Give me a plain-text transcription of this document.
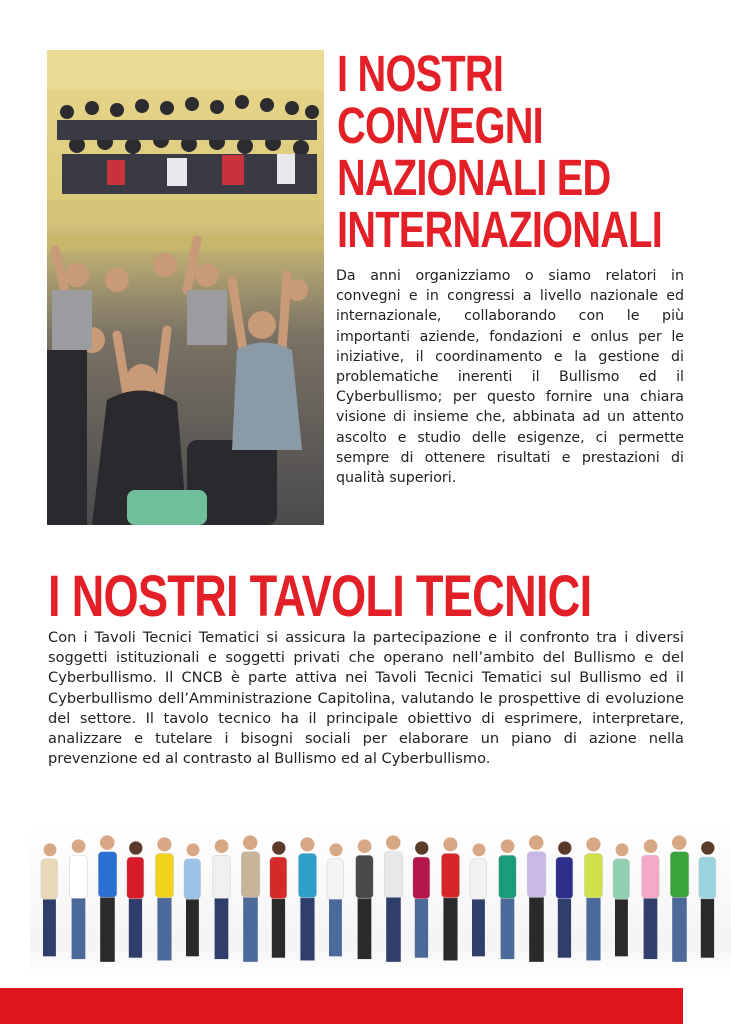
I NOSTRI
CONVEGNI
NAZIONALI ED
INTERNAZIONALI

Da anni organizziamo o siamo relatori in convegni e in congressi a livello nazionale ed internazionale, collaborando con le più importanti aziende, fondazioni e onlus per le iniziative, il coordinamento e la gestione di problematiche inerenti il Bullismo ed il Cyberbullismo; per questo fornire una chiara visione di insieme che, abbinata ad un attento ascolto e studio delle esigenze, ci permette sempre di ottenere risultati e prestazioni di qualità superiori.

I NOSTRI TAVOLI TECNICI

Con i Tavoli Tecnici Tematici si assicura la partecipazione e il confronto tra i diversi soggetti istituzionali e soggetti privati che operano nell’ambito del Bullismo e del Cyberbullismo. Il CNCB è parte attiva nei Tavoli Tecnici Tematici sul Bullismo ed il Cyberbullismo dell’Amministrazione Capitolina, valutando le prospettive di evoluzione del settore. Il tavolo tecnico ha il principale obiettivo di esprimere, interpretare, analizzare e tutelare i bisogni sociali per elaborare un piano di azione nella prevenzione ed al contrasto al Bullismo ed al Cyberbullismo.
